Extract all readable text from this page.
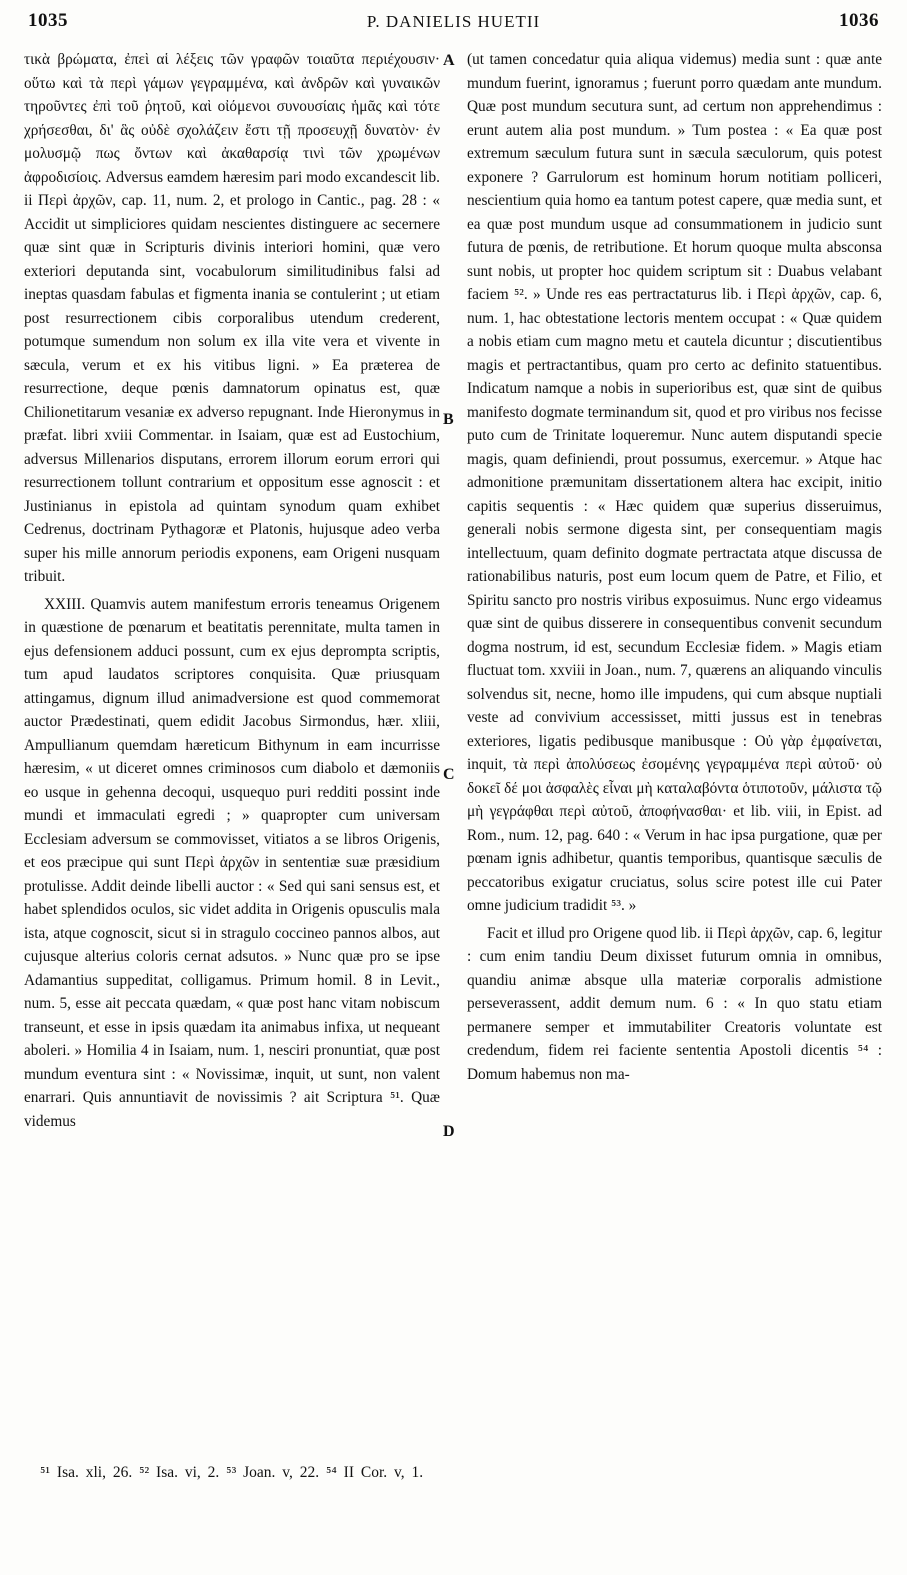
1035	P. DANIELIS HUETII	1036

τικὰ βρώματα, ἐπεὶ αἱ λέξεις τῶν γραφῶν τοιαῦτα περιέχουσιν· οὕτω καὶ τὰ περὶ γάμων γεγραμμένα, καὶ ἀνδρῶν καὶ γυναικῶν τηροῦντες ἐπὶ τοῦ ῥητοῦ, καὶ οἰόμενοι συνουσίαις ἡμᾶς καὶ τότε χρήσεσθαι, δι' ἃς οὐδὲ σχολάζειν ἔστι τῇ προσευχῇ δυνατὸν· ἐν μολυσμῷ πως ὄντων καὶ ἀκαθαρσίᾳ τινὶ τῶν χρωμένων ἀφροδισίοις. Adversus eamdem hæresim pari modo excandescit lib. ii Περὶ ἀρχῶν, cap. 11, num. 2, et prologo in Cantic., pag. 28 : « Accidit ut simpliciores quidam nescientes distinguere ac secernere quæ sint quæ in Scripturis divinis interiori homini, quæ vero exteriori deputanda sint, vocabulorum similitudinibus falsi ad ineptas quasdam fabulas et figmenta inania se contulerint ; ut etiam post resurrectionem cibis corporalibus utendum crederent, potumque sumendum non solum ex illa vite vera et vivente in sæcula, verum et ex his vitibus ligni. » Ea præterea de resurrectione, deque pœnis damnatorum opinatus est, quæ Chilionetitarum vesaniæ ex adverso repugnant. Inde Hieronymus in præfat. libri xviii Commentar. in Isaiam, quæ est ad Eustochium, adversus Millenarios disputans, errorem illorum eorum errori qui resurrectionem tollunt contrarium et oppositum esse agnoscit : et Justinianus in epistola ad quintam synodum quam exhibet Cedrenus, doctrinam Pythagoræ et Platonis, hujusque adeo verba super his mille annorum periodis exponens, eam Origeni nusquam tribuit.

XXIII. Quamvis autem manifestum erroris teneamus Origenem in quæstione de pœnarum et beatitatis perennitate, multa tamen in ejus defensionem adduci possunt, cum ex ejus deprompta scriptis, tum apud laudatos scriptores conquisita. Quæ priusquam attingamus, dignum illud animadversione est quod commemorat auctor Prædestinati, quem edidit Jacobus Sirmondus, hær. xliii, Ampullianum quemdam hæreticum Bithynum in eam incurrisse hæresim, « ut diceret omnes criminosos cum diabolo et dæmoniis eo usque in gehenna decoqui, usquequo puri redditi possint inde mundi et immaculati egredi ; » quapropter cum universam Ecclesiam adversum se commovisset, vitiatos a se libros Origenis, et eos præcipue qui sunt Περὶ ἀρχῶν in sententiæ suæ præsidium protulisse. Addit deinde libelli auctor : « Sed qui sani sensus est, et habet splendidos oculos, sic videt addita in Origenis opusculis mala ista, atque cognoscit, sicut si in stragulo coccineo pannos albos, aut cujusque alterius coloris cernat adsutos. » Nunc quæ pro se ipse Adamantius suppeditat, colligamus. Primum homil. 8 in Levit., num. 5, esse ait peccata quædam, « quæ post hanc vitam nobiscum transeunt, et esse in ipsis quædam ita animabus infixa, ut nequeant aboleri. » Homilia 4 in Isaiam, num. 1, nesciri pronuntiat, quæ post mundum eventura sint : « Novissimæ, inquit, ut sunt, non valent enarrari. Quis annuntiavit de novissimis ? ait Scriptura ⁵¹. Quæ videmus

A
B
C
D

(ut tamen concedatur quia aliqua videmus) media sunt : quæ ante mundum fuerint, ignoramus ; fuerunt porro quædam ante mundum. Quæ post mundum secutura sunt, ad certum non apprehendimus : erunt autem alia post mundum. » Tum postea : « Ea quæ post extremum sæculum futura sunt in sæcula sæculorum, quis potest exponere ? Garrulorum est hominum horum notitiam polliceri, nescientium quia homo ea tantum potest capere, quæ media sunt, et ea quæ post mundum usque ad consummationem in judicio sunt futura de pœnis, de retributione. Et horum quoque multa absconsa sunt nobis, ut propter hoc quidem scriptum sit : Duabus velabant faciem ⁵². » Unde res eas pertractaturus lib. i Περὶ ἀρχῶν, cap. 6, num. 1, hac obtestatione lectoris mentem occupat : « Quæ quidem a nobis etiam cum magno metu et cautela dicuntur ; discutientibus magis et pertractantibus, quam pro certo ac definito statuentibus. Indicatum namque a nobis in superioribus est, quæ sint de quibus manifesto dogmate terminandum sit, quod et pro viribus nos fecisse puto cum de Trinitate loqueremur. Nunc autem disputandi specie magis, quam definiendi, prout possumus, exercemur. » Atque hac admonitione præmunitam dissertationem altera hac excipit, initio capitis sequentis : « Hæc quidem quæ superius disseruimus, generali nobis sermone digesta sint, per consequentiam magis intellectuum, quam definito dogmate pertractata atque discussa de rationabilibus naturis, post eum locum quem de Patre, et Filio, et Spiritu sancto pro nostris viribus exposuimus. Nunc ergo videamus quæ sint de quibus disserere in consequentibus convenit secundum dogma nostrum, id est, secundum Ecclesiæ fidem. » Magis etiam fluctuat tom. xxviii in Joan., num. 7, quærens an aliquando vinculis solvendus sit, necne, homo ille impudens, qui cum absque nuptiali veste ad convivium accessisset, mitti jussus est in tenebras exteriores, ligatis pedibusque manibusque : Οὐ γὰρ ἐμφαίνεται, inquit, τὰ περὶ ἀπολύσεως ἐσομένης γεγραμμένα περὶ αὐτοῦ· οὐ δοκεῖ δέ μοι ἀσφαλὲς εἶναι μὴ καταλαβόντα ὁτιποτοῦν, μάλιστα τῷ μὴ γεγράφθαι περὶ αὐτοῦ, ἀποφήνασθαι· et lib. viii, in Epist. ad Rom., num. 12, pag. 640 : « Verum in hac ipsa purgatione, quæ per pœnam ignis adhibetur, quantis temporibus, quantisque sæculis de peccatoribus exigatur cruciatus, solus scire potest ille cui Pater omne judicium tradidit ⁵³. »

Facit et illud pro Origene quod lib. ii Περὶ ἀρχῶν, cap. 6, legitur : cum enim tandiu Deum dixisset futurum omnia in omnibus, quandiu animæ absque ulla materiæ corporalis admistione perseverassent, addit demum num. 6 : « In quo statu etiam permanere semper et immutabiliter Creatoris voluntate est credendum, fidem rei faciente sententia Apostoli dicentis ⁵⁴ : Domum habemus non ma-

⁵¹ Isa. xli, 26. ⁵² Isa. vi, 2. ⁵³ Joan. v, 22. ⁵⁴ II Cor. v, 1.
